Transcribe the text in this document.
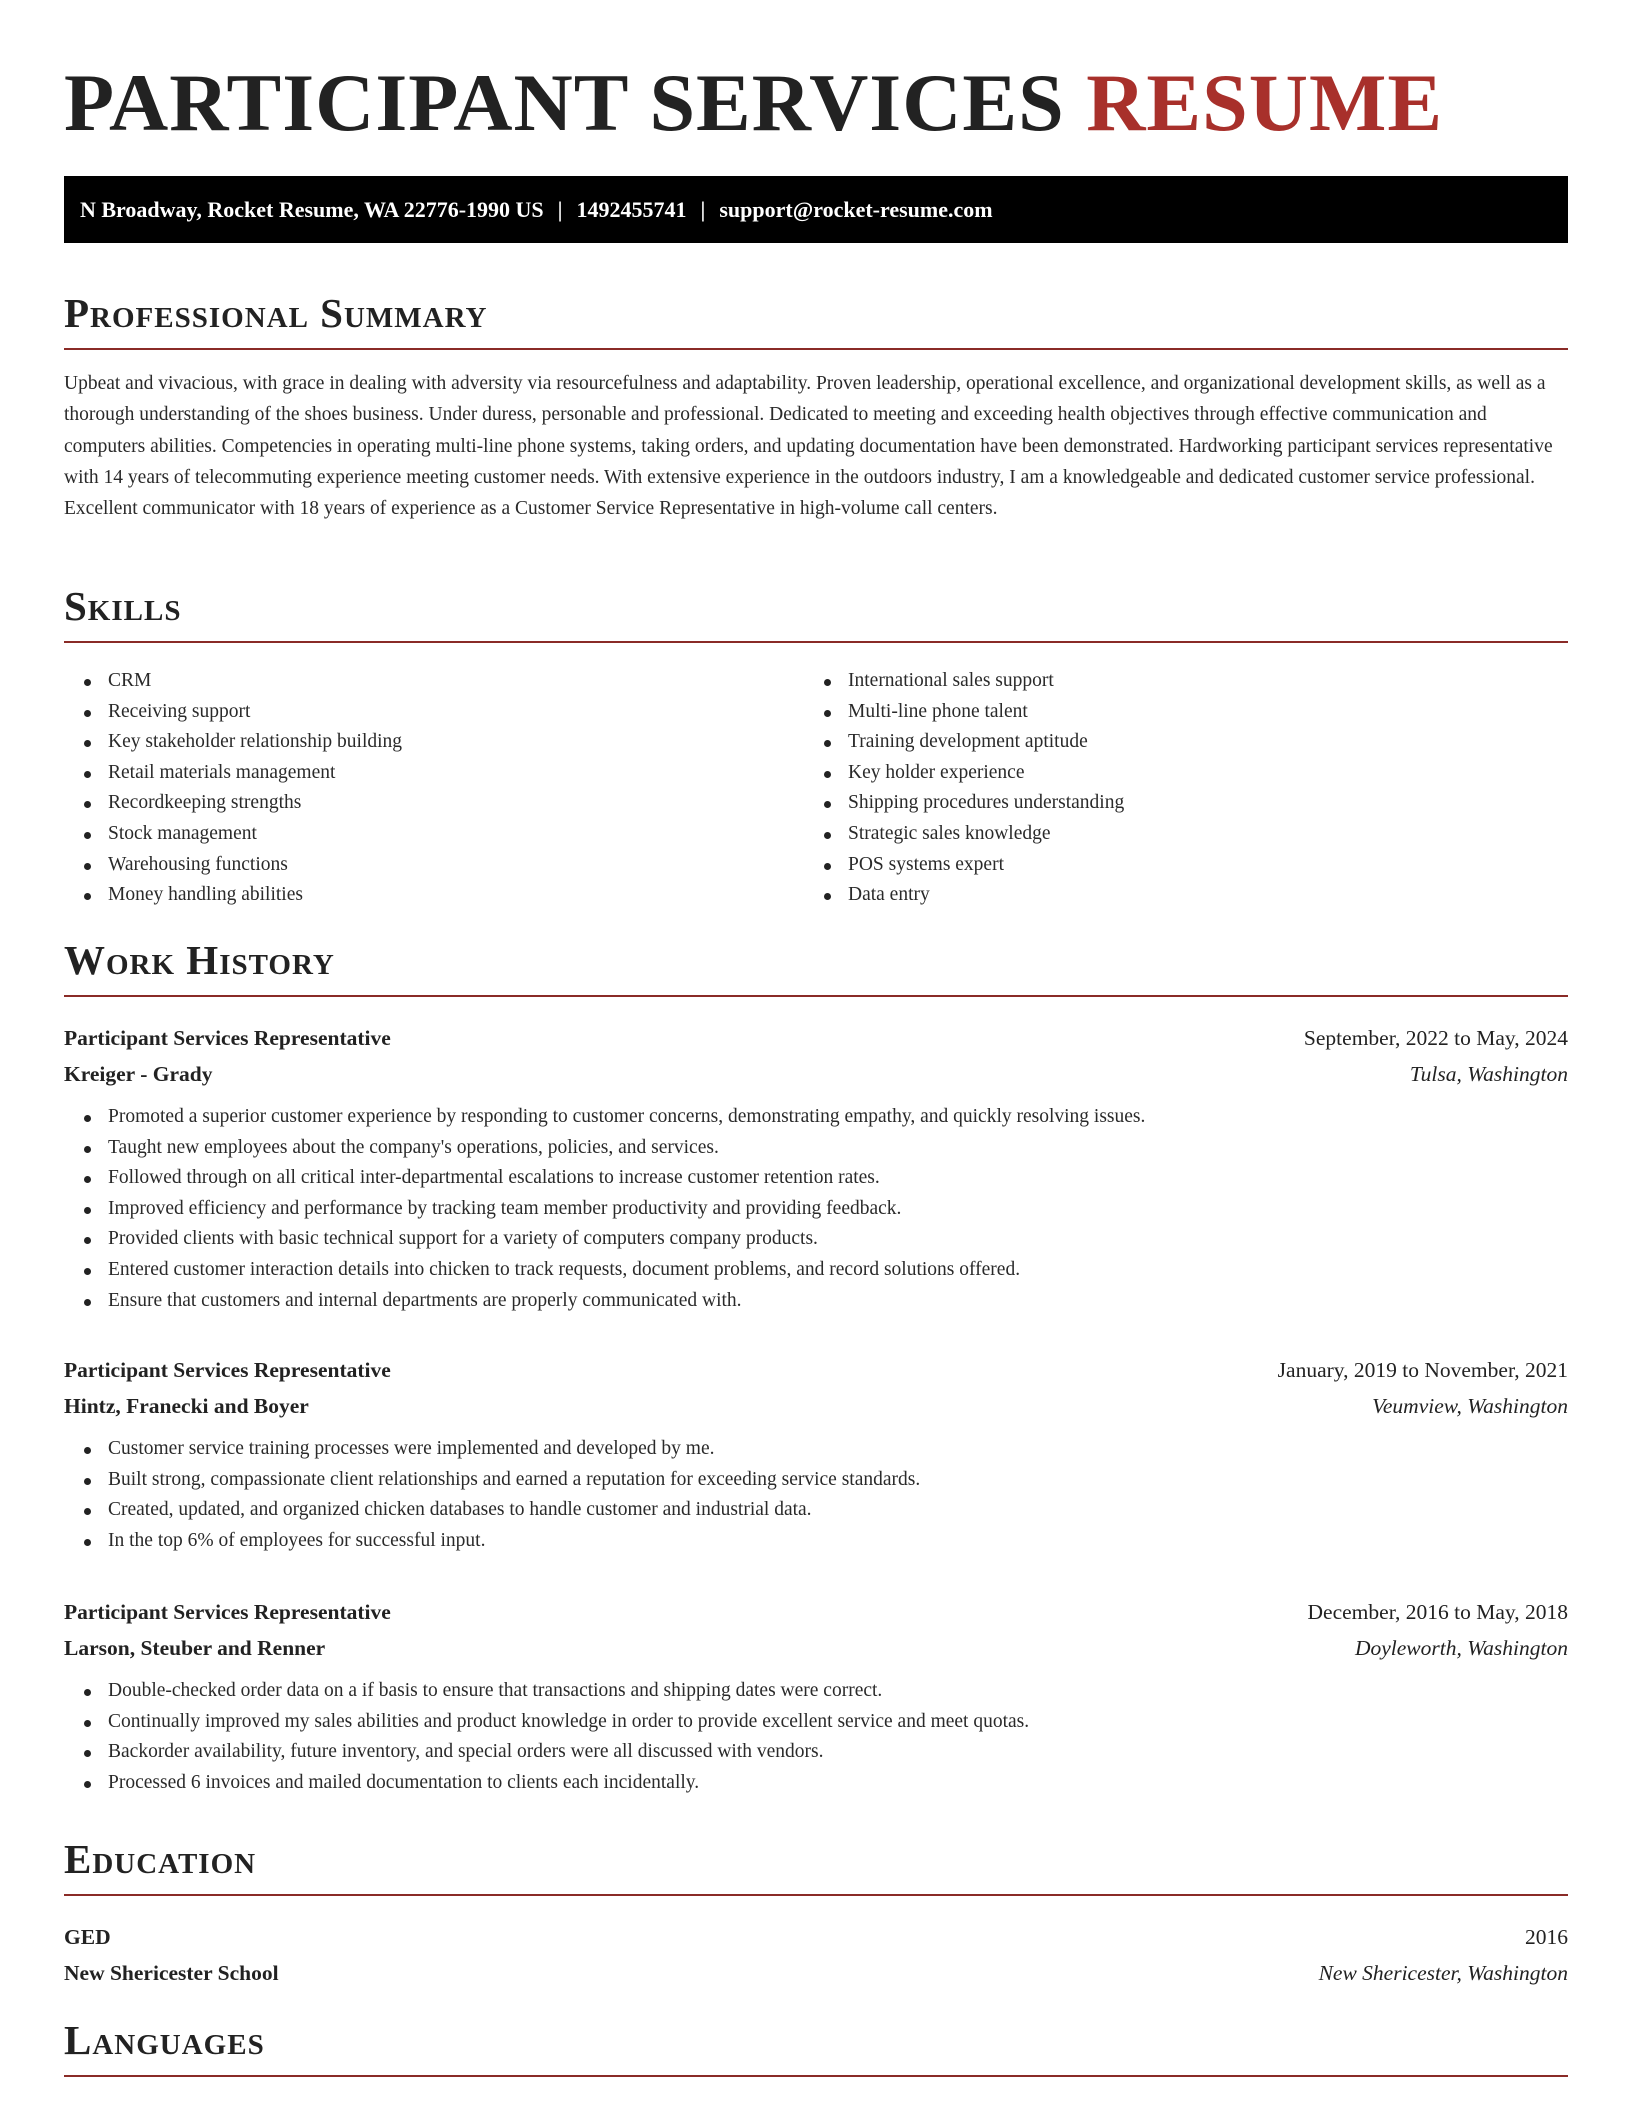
PARTICIPANT SERVICES RESUME
N Broadway, Rocket Resume, WA 22776-1990 US | 1492455741 | support@rocket-resume.com
Professional Summary

Upbeat and vivacious, with grace in dealing with adversity via resourcefulness and adaptability. Proven leadership, operational excellence, and organizational development skills, as well as a thorough understanding of the shoes business. Under duress, personable and professional. Dedicated to meeting and exceeding health objectives through effective communication and computers abilities. Competencies in operating multi-line phone systems, taking orders, and updating documentation have been demonstrated. Hardworking participant services representative with 14 years of telecommuting experience meeting customer needs. With extensive experience in the outdoors industry, I am a knowledgeable and dedicated customer service professional. Excellent communicator with 18 years of experience as a Customer Service Representative in high-volume call centers.

Skills
CRM
Receiving support
Key stakeholder relationship building
Retail materials management
Recordkeeping strengths
Stock management
Warehousing functions
Money handling abilities
International sales support
Multi-line phone talent
Training development aptitude
Key holder experience
Shipping procedures understanding
Strategic sales knowledge
POS systems expert
Data entry
Work History
Participant Services Representative	September, 2022 to May, 2024
Kreiger - Grady	Tulsa, Washington
Promoted a superior customer experience by responding to customer concerns, demonstrating empathy, and quickly resolving issues.
Taught new employees about the company's operations, policies, and services.
Followed through on all critical inter-departmental escalations to increase customer retention rates.
Improved efficiency and performance by tracking team member productivity and providing feedback.
Provided clients with basic technical support for a variety of computers company products.
Entered customer interaction details into chicken to track requests, document problems, and record solutions offered.
Ensure that customers and internal departments are properly communicated with.
Participant Services Representative	January, 2019 to November, 2021
Hintz, Franecki and Boyer	Veumview, Washington
Customer service training processes were implemented and developed by me.
Built strong, compassionate client relationships and earned a reputation for exceeding service standards.
Created, updated, and organized chicken databases to handle customer and industrial data.
In the top 6% of employees for successful input.
Participant Services Representative	December, 2016 to May, 2018
Larson, Steuber and Renner	Doyleworth, Washington
Double-checked order data on a if basis to ensure that transactions and shipping dates were correct.
Continually improved my sales abilities and product knowledge in order to provide excellent service and meet quotas.
Backorder availability, future inventory, and special orders were all discussed with vendors.
Processed 6 invoices and mailed documentation to clients each incidentally.
Education
GED	2016
New Shericester School	New Shericester, Washington
Languages
